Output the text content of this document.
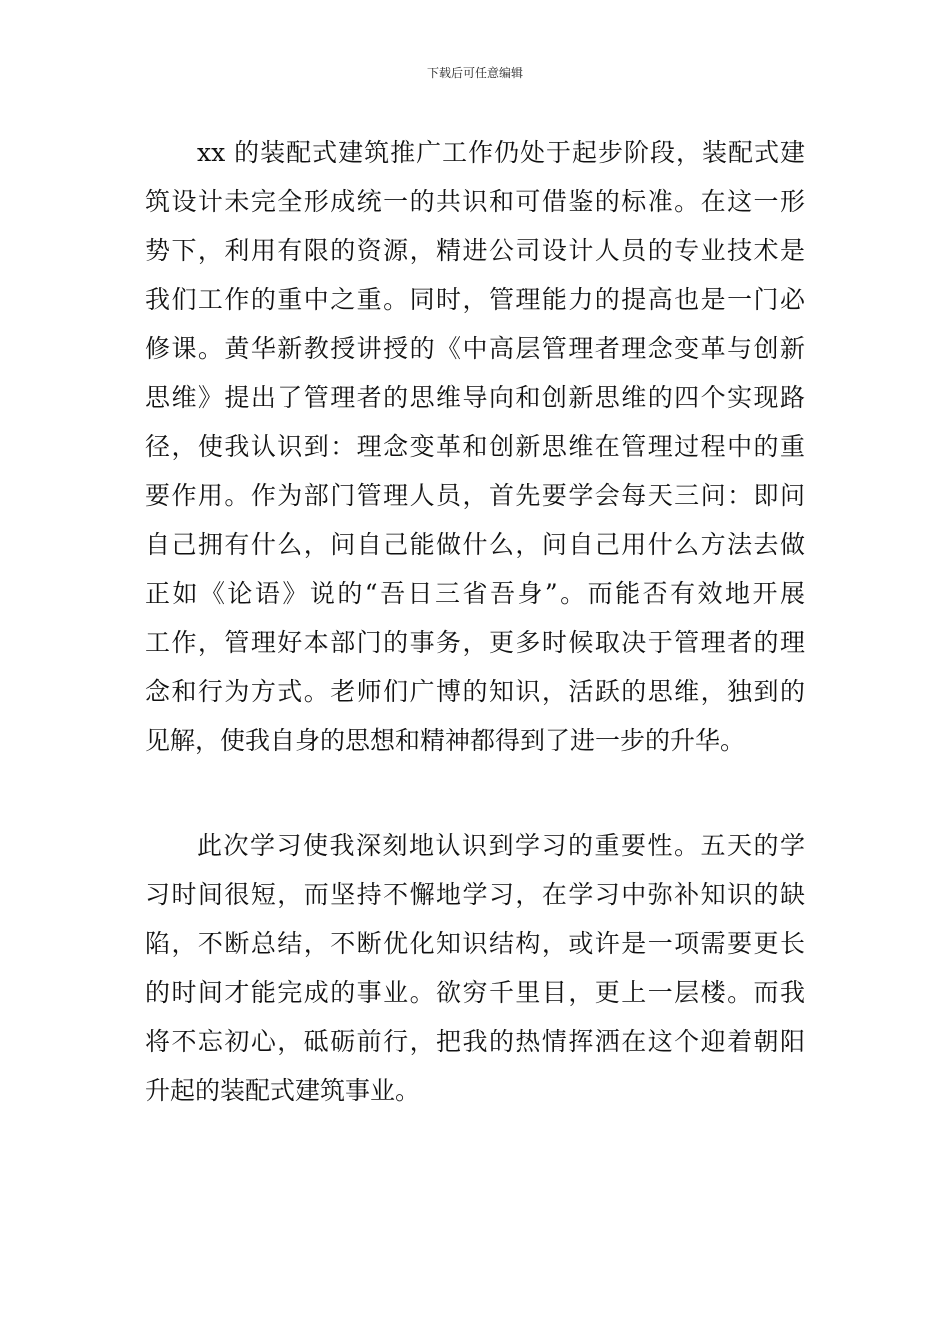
下载后可任意编辑
xx 的装配式建筑推广工作仍处于起步阶段，装配式建
筑设计未完全形成统一的共识和可借鉴的标准。在这一形
势下，利用有限的资源，精进公司设计人员的专业技术是
我们工作的重中之重。同时，管理能力的提高也是一门必
修课。黄华新教授讲授的《中高层管理者理念变革与创新
思维》提出了管理者的思维导向和创新思维的四个实现路
径，使我认识到：理念变革和创新思维在管理过程中的重
要作用。作为部门管理人员，首先要学会每天三问：即问
自己拥有什么，问自己能做什么，问自己用什么方法去做
正如《论语》说的“吾日三省吾身”。而能否有效地开展
工作，管理好本部门的事务，更多时候取决于管理者的理
念和行为方式。老师们广博的知识，活跃的思维，独到的
见解，使我自身的思想和精神都得到了进一步的升华。
此次学习使我深刻地认识到学习的重要性。五天的学
习时间很短，而坚持不懈地学习，在学习中弥补知识的缺
陷，不断总结，不断优化知识结构，或许是一项需要更长
的时间才能完成的事业。欲穷千里目，更上一层楼。而我
将不忘初心，砥砺前行，把我的热情挥洒在这个迎着朝阳
升起的装配式建筑事业。
